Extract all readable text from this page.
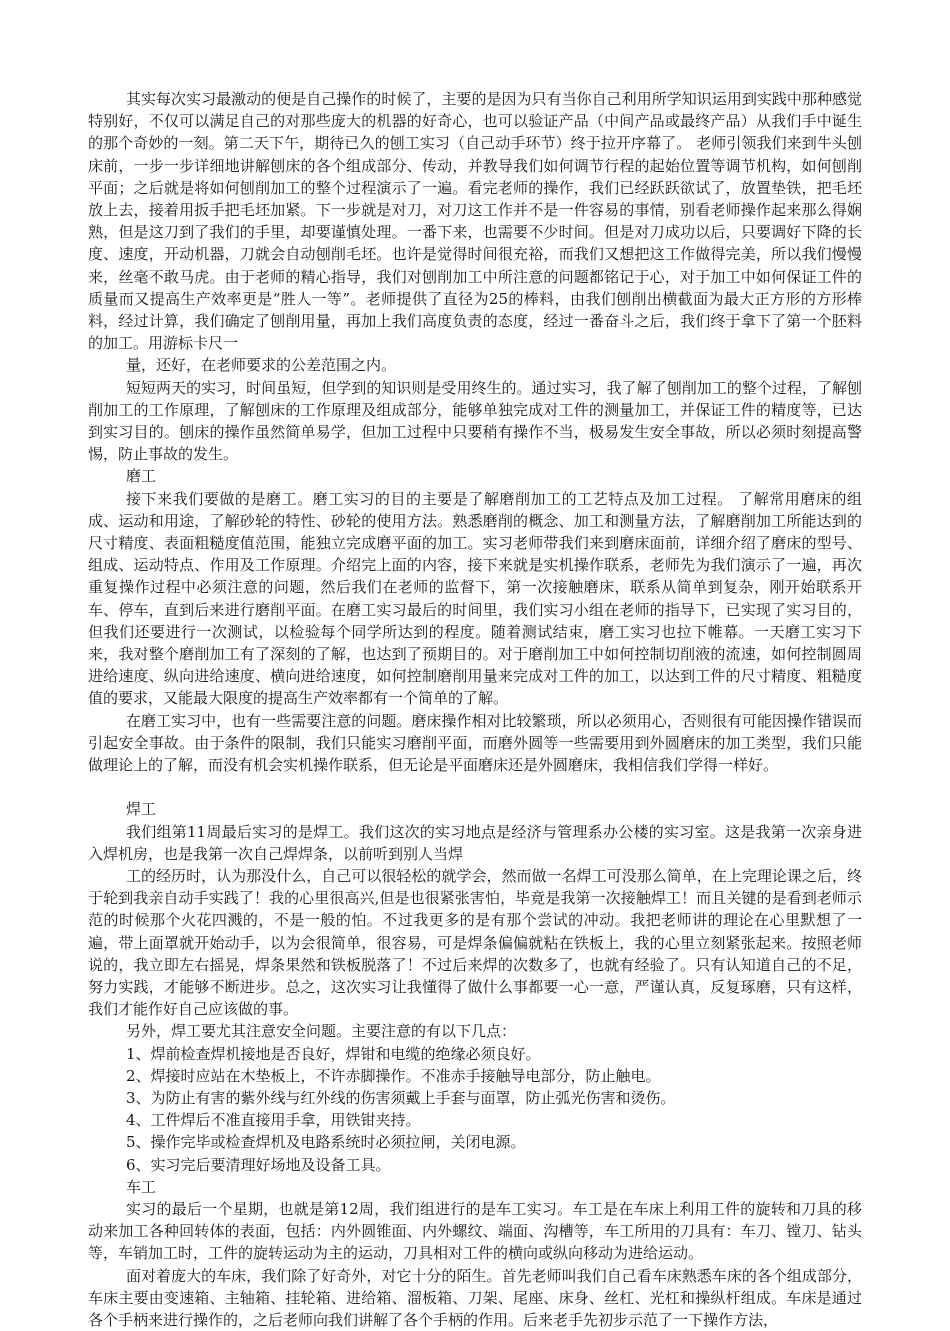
其实每次实习最激动的便是自己操作的时候了，主要的是因为只有当你自己利用所学知识运用到实践中那种感觉特别好，不仅可以满足自己的对那些庞大的机器的好奇心，也可以验证产品（中间产品或最终产品）从我们手中诞生的那个奇妙的一刻。第二天下午，期待已久的刨工实习（自己动手环节）终于拉开序幕了。 老师引领我们来到牛头刨床前，一步一步详细地讲解刨床的各个组成部分、传动，并教导我们如何调节行程的起始位置等调节机构，如何刨削平面；之后就是将如何刨削加工的整个过程演示了一遍。看完老师的操作，我们已经跃跃欲试了，放置垫铁，把毛坯放上去，接着用扳手把毛坯加紧。下一步就是对刀，对刀这工作并不是一件容易的事情，别看老师操作起来那么得娴熟，但是这刀到了我们的手里，却要谨慎处理。一番下来，也需要不少时间。但是对刀成功以后，只要调好下降的长度、速度，开动机器，刀就会自动刨削毛坯。也许是觉得时间很充裕，而我们又想把这工作做得完美，所以我们慢慢来，丝毫不敢马虎。由于老师的精心指导，我们对刨削加工中所注意的问题都铭记于心，对于加工中如何保证工件的质量而又提高生产效率更是“胜人一等”。老师提供了直径为25的棒料，由我们刨削出横截面为最大正方形的方形棒料，经过计算，我们确定了刨削用量，再加上我们高度负责的态度，经过一番奋斗之后，我们终于拿下了第一个胚料的加工。用游标卡尺一

量，还好，在老师要求的公差范围之内。

短短两天的实习，时间虽短，但学到的知识则是受用终生的。通过实习，我了解了刨削加工的整个过程，了解刨削加工的工作原理，了解刨床的工作原理及组成部分，能够单独完成对工件的测量加工，并保证工件的精度等，已达到实习目的。刨床的操作虽然简单易学，但加工过程中只要稍有操作不当，极易发生安全事故，所以必须时刻提高警惕，防止事故的发生。

磨工

接下来我们要做的是磨工。磨工实习的目的主要是了解磨削加工的工艺特点及加工过程。 了解常用磨床的组成、运动和用途，了解砂轮的特性、砂轮的使用方法。熟悉磨削的概念、加工和测量方法，了解磨削加工所能达到的尺寸精度、表面粗糙度值范围，能独立完成磨平面的加工。实习老师带我们来到磨床面前，详细介绍了磨床的型号、组成、运动特点、作用及工作原理。介绍完上面的内容，接下来就是实机操作联系，老师先为我们演示了一遍，再次重复操作过程中必须注意的问题，然后我们在老师的监督下，第一次接触磨床，联系从简单到复杂，刚开始联系开车、停车，直到后来进行磨削平面。在磨工实习最后的时间里，我们实习小组在老师的指导下，已实现了实习目的，但我们还要进行一次测试，以检验每个同学所达到的程度。随着测试结束，磨工实习也拉下帷幕。一天磨工实习下来，我对整个磨削加工有了深刻的了解，也达到了预期目的。对于磨削加工中如何控制切削液的流速，如何控制圆周进给速度、纵向进给速度、横向进给速度，如何控制磨削用量来完成对工件的加工，以达到工件的尺寸精度、粗糙度值的要求，又能最大限度的提高生产效率都有一个简单的了解。

在磨工实习中，也有一些需要注意的问题。磨床操作相对比较繁琐，所以必须用心，否则很有可能因操作错误而引起安全事故。由于条件的限制，我们只能实习磨削平面，而磨外圆等一些需要用到外圆磨床的加工类型，我们只能做理论上的了解，而没有机会实机操作联系，但无论是平面磨床还是外圆磨床，我相信我们学得一样好。

焊工

我们组第11周最后实习的是焊工。我们这次的实习地点是经济与管理系办公楼的实习室。这是我第一次亲身进入焊机房，也是我第一次自己焊焊条，以前听到别人当焊

工的经历时，认为那没什么，自己可以很轻松的就学会，然而做一名焊工可没那么简单，在上完理论课之后，终于轮到我亲自动手实践了！我的心里很高兴,但是也很紧张害怕，毕竟是我第一次接触焊工！而且关键的是看到老师示范的时候那个火花四溅的，不是一般的怕。不过我更多的是有那个尝试的冲动。我把老师讲的理论在心里默想了一遍，带上面罩就开始动手，以为会很简单，很容易，可是焊条偏偏就粘在铁板上，我的心里立刻紧张起来。按照老师说的，我立即左右摇晃，焊条果然和铁板脱落了！不过后来焊的次数多了，也就有经验了。只有认知道自己的不足，努力实践，才能够不断进步。总之，这次实习让我懂得了做什么事都要一心一意，严谨认真，反复琢磨，只有这样，我们才能作好自己应该做的事。

另外，焊工要尤其注意安全问题。主要注意的有以下几点：

1、焊前检查焊机接地是否良好，焊钳和电缆的绝缘必须良好。

2、焊接时应站在木垫板上，不许赤脚操作。不准赤手接触导电部分，防止触电。

3、为防止有害的紫外线与红外线的伤害须戴上手套与面罩，防止弧光伤害和烫伤。

4、工件焊后不准直接用手拿，用铁钳夹持。

5、操作完毕或检查焊机及电路系统时必须拉闸，关闭电源。

6、实习完后要清理好场地及设备工具。

车工

实习的最后一个星期，也就是第12周，我们组进行的是车工实习。车工是在车床上利用工件的旋转和刀具的移动来加工各种回转体的表面，包括：内外圆锥面、内外螺纹、端面、沟槽等，车工所用的刀具有：车刀、镗刀、钻头等，车销加工时，工件的旋转运动为主的运动，刀具相对工件的横向或纵向移动为进给运动。

面对着庞大的车床，我们除了好奇外，对它十分的陌生。首先老师叫我们自己看车床熟悉车床的各个组成部分，车床主要由变速箱、主轴箱、挂轮箱、进给箱、溜板箱、刀架、尾座、床身、丝杠、光杠和操纵杆组成。车床是通过各个手柄来进行操作的，之后老师向我们讲解了各个手柄的作用。后来老手先初步示范了一下操作方法，
